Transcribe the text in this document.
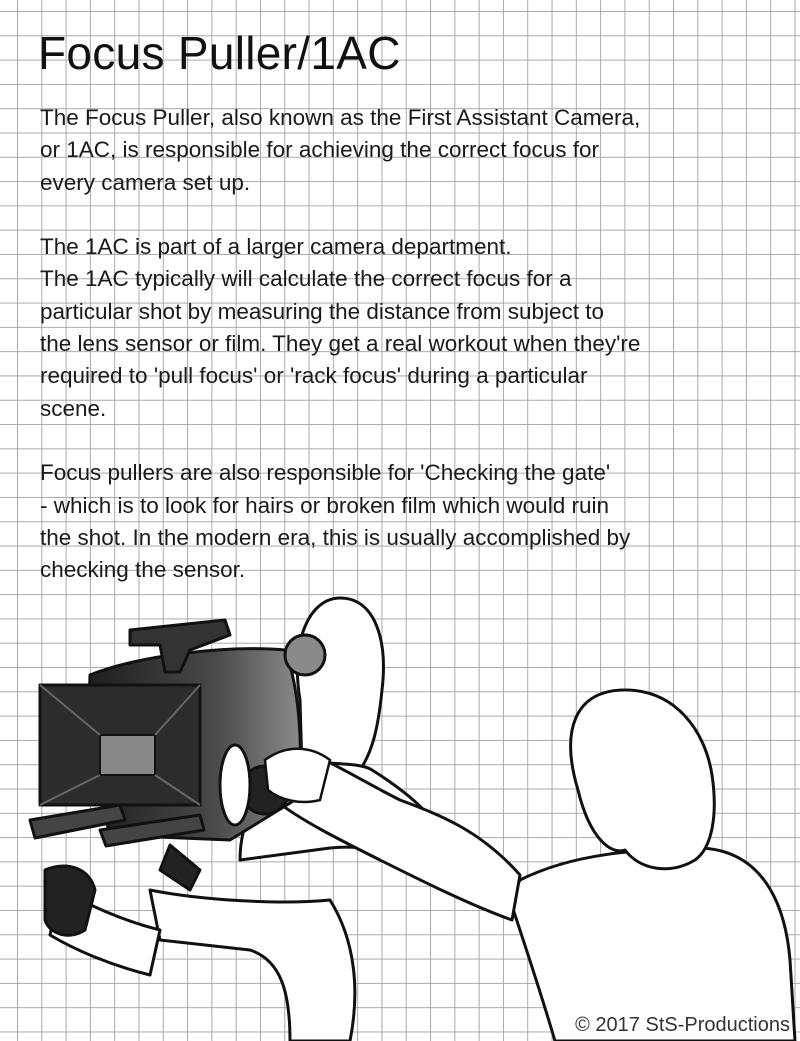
Focus Puller/1AC

The Focus Puller, also known as the First Assistant Camera,
or 1AC, is responsible for achieving the correct focus for
every camera set up.

The 1AC is part of a larger camera department.
The 1AC typically will calculate the correct focus for a
particular shot by measuring the distance from subject to
the lens sensor or film. They get a real workout when they're
required to 'pull focus' or 'rack focus' during a particular
scene.

Focus pullers are also responsible for 'Checking the gate'
- which is to look for hairs or broken film which would ruin
the shot. In the modern era, this is usually accomplished by
checking the sensor.

© 2017 StS-Productions
